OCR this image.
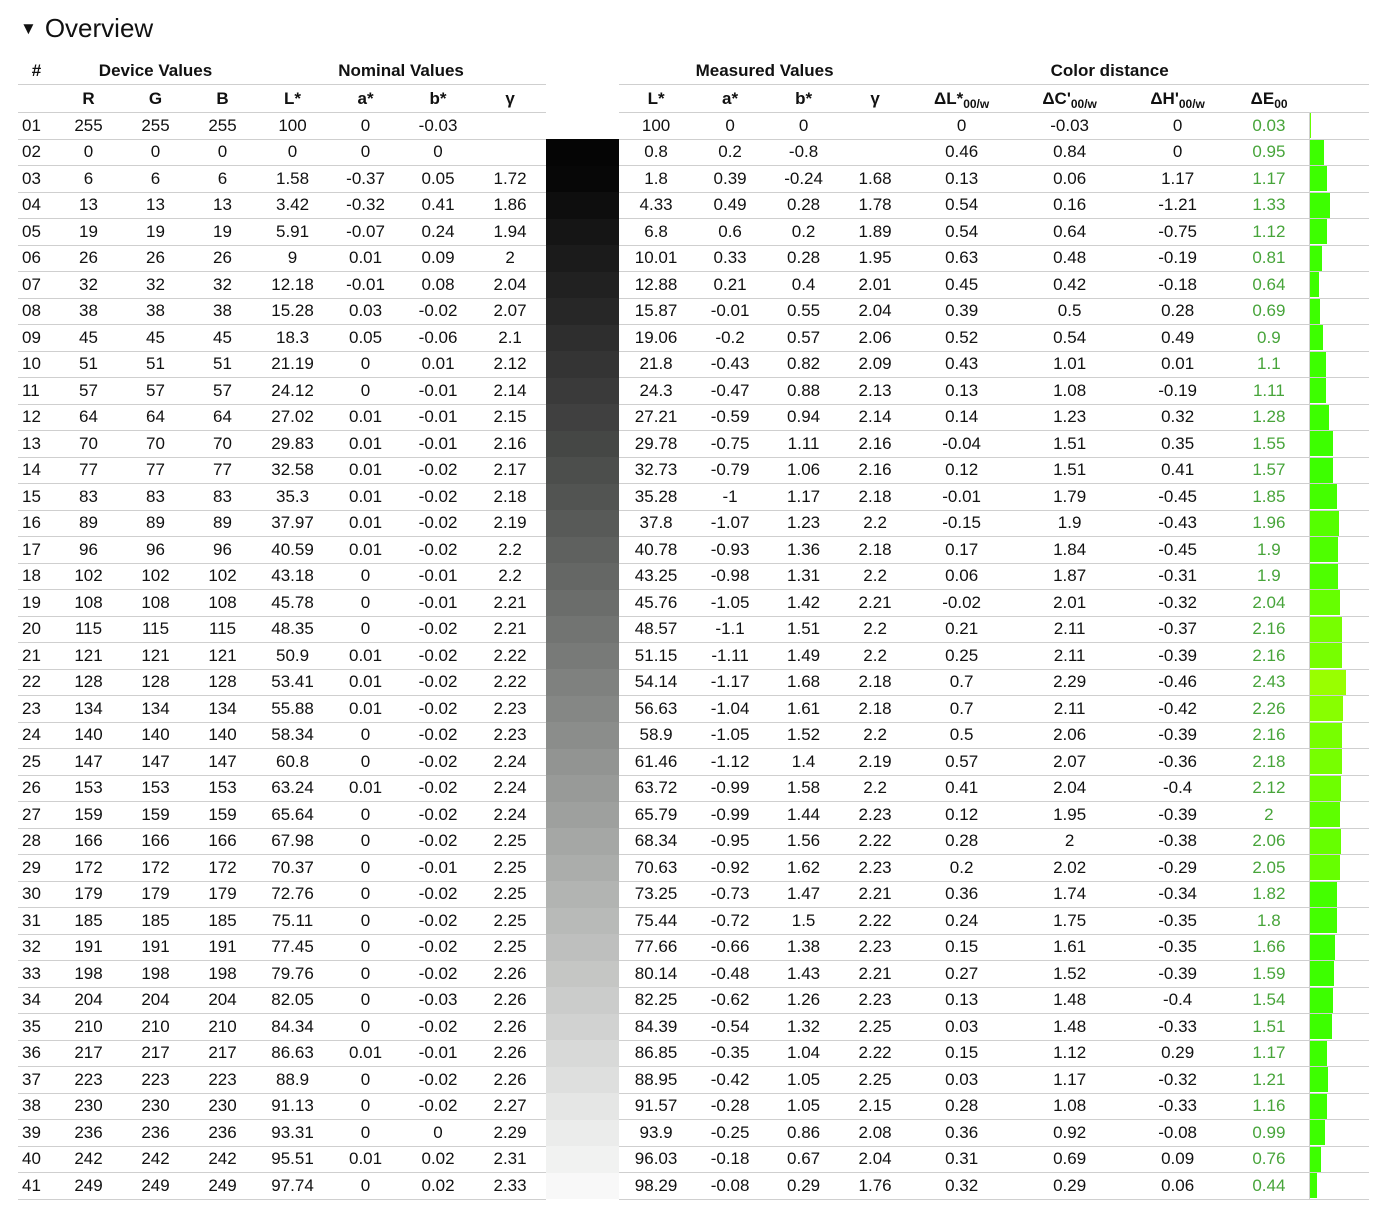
▼ Overview
#	Device Values			Nominal Values					Measured Values				Color distance				
	R	G	B	L*	a*	b*	γ		L*	a*	b*	γ	$\Delta L*_{00/w}$	$\Delta C'_{00/w}$	$\Delta H'_{00/w}$	$\Delta E_{00}$	
01	255	255	255	100	0	-0.03			100	0	0		0	-0.03	0	0.03	

02	0	0	0	0	0	0			0.8	0.2	-0.8		0.46	0.84	0	0.95	

03	6	6	6	1.58	-0.37	0.05	1.72		1.8	0.39	-0.24	1.68	0.13	0.06	1.17	1.17	

04	13	13	13	3.42	-0.32	0.41	1.86		4.33	0.49	0.28	1.78	0.54	0.16	-1.21	1.33	

05	19	19	19	5.91	-0.07	0.24	1.94		6.8	0.6	0.2	1.89	0.54	0.64	-0.75	1.12	

06	26	26	26	9	0.01	0.09	2		10.01	0.33	0.28	1.95	0.63	0.48	-0.19	0.81	

07	32	32	32	12.18	-0.01	0.08	2.04		12.88	0.21	0.4	2.01	0.45	0.42	-0.18	0.64	

08	38	38	38	15.28	0.03	-0.02	2.07		15.87	-0.01	0.55	2.04	0.39	0.5	0.28	0.69	

09	45	45	45	18.3	0.05	-0.06	2.1		19.06	-0.2	0.57	2.06	0.52	0.54	0.49	0.9	

10	51	51	51	21.19	0	0.01	2.12		21.8	-0.43	0.82	2.09	0.43	1.01	0.01	1.1	

11	57	57	57	24.12	0	-0.01	2.14		24.3	-0.47	0.88	2.13	0.13	1.08	-0.19	1.11	

12	64	64	64	27.02	0.01	-0.01	2.15		27.21	-0.59	0.94	2.14	0.14	1.23	0.32	1.28	

13	70	70	70	29.83	0.01	-0.01	2.16		29.78	-0.75	1.11	2.16	-0.04	1.51	0.35	1.55	

14	77	77	77	32.58	0.01	-0.02	2.17		32.73	-0.79	1.06	2.16	0.12	1.51	0.41	1.57	

15	83	83	83	35.3	0.01	-0.02	2.18		35.28	-1	1.17	2.18	-0.01	1.79	-0.45	1.85	

16	89	89	89	37.97	0.01	-0.02	2.19		37.8	-1.07	1.23	2.2	-0.15	1.9	-0.43	1.96	

17	96	96	96	40.59	0.01	-0.02	2.2		40.78	-0.93	1.36	2.18	0.17	1.84	-0.45	1.9	

18	102	102	102	43.18	0	-0.01	2.2		43.25	-0.98	1.31	2.2	0.06	1.87	-0.31	1.9	

19	108	108	108	45.78	0	-0.01	2.21		45.76	-1.05	1.42	2.21	-0.02	2.01	-0.32	2.04	

20	115	115	115	48.35	0	-0.02	2.21		48.57	-1.1	1.51	2.2	0.21	2.11	-0.37	2.16	

21	121	121	121	50.9	0.01	-0.02	2.22		51.15	-1.11	1.49	2.2	0.25	2.11	-0.39	2.16	

22	128	128	128	53.41	0.01	-0.02	2.22		54.14	-1.17	1.68	2.18	0.7	2.29	-0.46	2.43	

23	134	134	134	55.88	0.01	-0.02	2.23		56.63	-1.04	1.61	2.18	0.7	2.11	-0.42	2.26	

24	140	140	140	58.34	0	-0.02	2.23		58.9	-1.05	1.52	2.2	0.5	2.06	-0.39	2.16	

25	147	147	147	60.8	0	-0.02	2.24		61.46	-1.12	1.4	2.19	0.57	2.07	-0.36	2.18	

26	153	153	153	63.24	0.01	-0.02	2.24		63.72	-0.99	1.58	2.2	0.41	2.04	-0.4	2.12	

27	159	159	159	65.64	0	-0.02	2.24		65.79	-0.99	1.44	2.23	0.12	1.95	-0.39	2	

28	166	166	166	67.98	0	-0.02	2.25		68.34	-0.95	1.56	2.22	0.28	2	-0.38	2.06	

29	172	172	172	70.37	0	-0.01	2.25		70.63	-0.92	1.62	2.23	0.2	2.02	-0.29	2.05	

30	179	179	179	72.76	0	-0.02	2.25		73.25	-0.73	1.47	2.21	0.36	1.74	-0.34	1.82	

31	185	185	185	75.11	0	-0.02	2.25		75.44	-0.72	1.5	2.22	0.24	1.75	-0.35	1.8	

32	191	191	191	77.45	0	-0.02	2.25		77.66	-0.66	1.38	2.23	0.15	1.61	-0.35	1.66	

33	198	198	198	79.76	0	-0.02	2.26		80.14	-0.48	1.43	2.21	0.27	1.52	-0.39	1.59	

34	204	204	204	82.05	0	-0.03	2.26		82.25	-0.62	1.26	2.23	0.13	1.48	-0.4	1.54	

35	210	210	210	84.34	0	-0.02	2.26		84.39	-0.54	1.32	2.25	0.03	1.48	-0.33	1.51	

36	217	217	217	86.63	0.01	-0.01	2.26		86.85	-0.35	1.04	2.22	0.15	1.12	0.29	1.17	

37	223	223	223	88.9	0	-0.02	2.26		88.95	-0.42	1.05	2.25	0.03	1.17	-0.32	1.21	

38	230	230	230	91.13	0	-0.02	2.27		91.57	-0.28	1.05	2.15	0.28	1.08	-0.33	1.16	

39	236	236	236	93.31	0	0	2.29		93.9	-0.25	0.86	2.08	0.36	0.92	-0.08	0.99	

40	242	242	242	95.51	0.01	0.02	2.31		96.03	-0.18	0.67	2.04	0.31	0.69	0.09	0.76	

41	249	249	249	97.74	0	0.02	2.33		98.29	-0.08	0.29	1.76	0.32	0.29	0.06	0.44	
